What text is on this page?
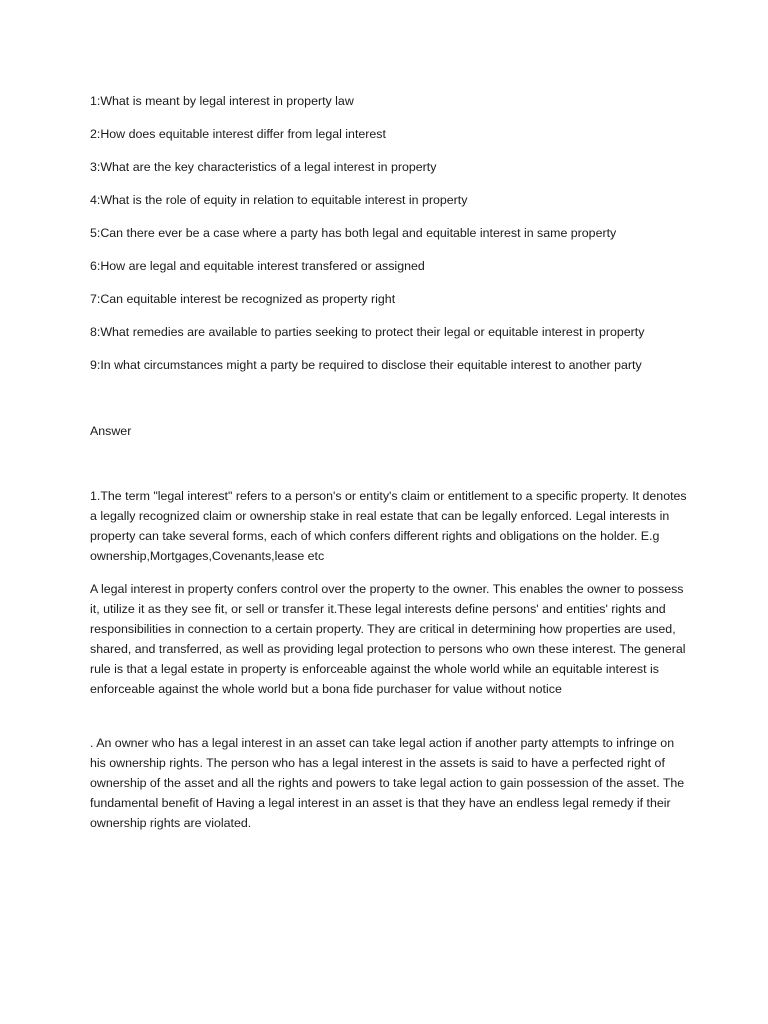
1:What is meant by legal interest in property law
2:How does equitable interest differ from legal interest
3:What are the key characteristics of a legal interest in property
4:What is the role of equity in relation to equitable interest in property
5:Can there ever be a case where a party has both legal and equitable interest in same property
6:How are legal and equitable interest transfered or assigned
7:Can equitable interest be recognized as property right
8:What remedies are available to parties seeking to protect their legal or equitable interest in property
9:In what circumstances might a party be required to disclose their equitable interest to another party

Answer

1.The term "legal interest" refers to a person's or entity's claim or entitlement to a specific property. It denotes a legally recognized claim or ownership stake in real estate that can be legally enforced. Legal interests in property can take several forms, each of which confers different rights and obligations on the holder. E.g ownership,Mortgages,Covenants,lease etc

A legal interest in property confers control over the property to the owner. This enables the owner to possess it, utilize it as they see fit, or sell or transfer it.These legal interests define persons' and entities' rights and responsibilities in connection to a certain property. They are critical in determining how properties are used, shared, and transferred, as well as providing legal protection to persons who own these interest. The general rule is that a legal estate in property is enforceable against the whole world while an equitable interest is enforceable against the whole world but a bona fide purchaser for value without notice

. An owner who has a legal interest in an asset can take legal action if another party attempts to infringe on his ownership rights. The person who has a legal interest in the assets is said to have a perfected right of ownership of the asset and all the rights and powers to take legal action to gain possession of the asset. The fundamental benefit of Having a legal interest in an asset is that they have an endless legal remedy if their ownership rights are violated.
